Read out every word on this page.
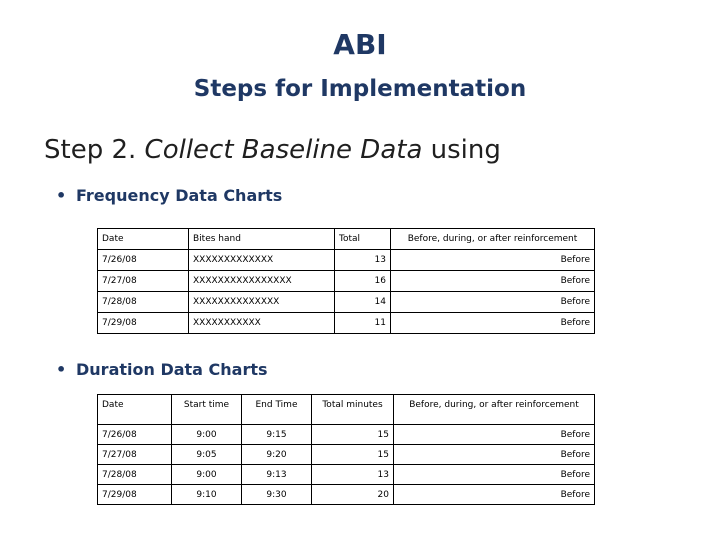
ABI
Steps for Implementation
Step 2. Collect Baseline Data using
• Frequency Data Charts
Date	Bites hand	Total	Before, during, or after reinforcement
7/26/08	XXXXXXXXXXXXX	13	Before
7/27/08	XXXXXXXXXXXXXXXX	16	Before
7/28/08	XXXXXXXXXXXXXX	14	Before
7/29/08	XXXXXXXXXXX	11	Before
• Duration Data Charts
Date	Start time	End Time	Total minutes	Before, during, or after reinforcement
7/26/08	9:00	9:15	15	Before
7/27/08	9:05	9:20	15	Before
7/28/08	9:00	9:13	13	Before
7/29/08	9:10	9:30	20	Before
